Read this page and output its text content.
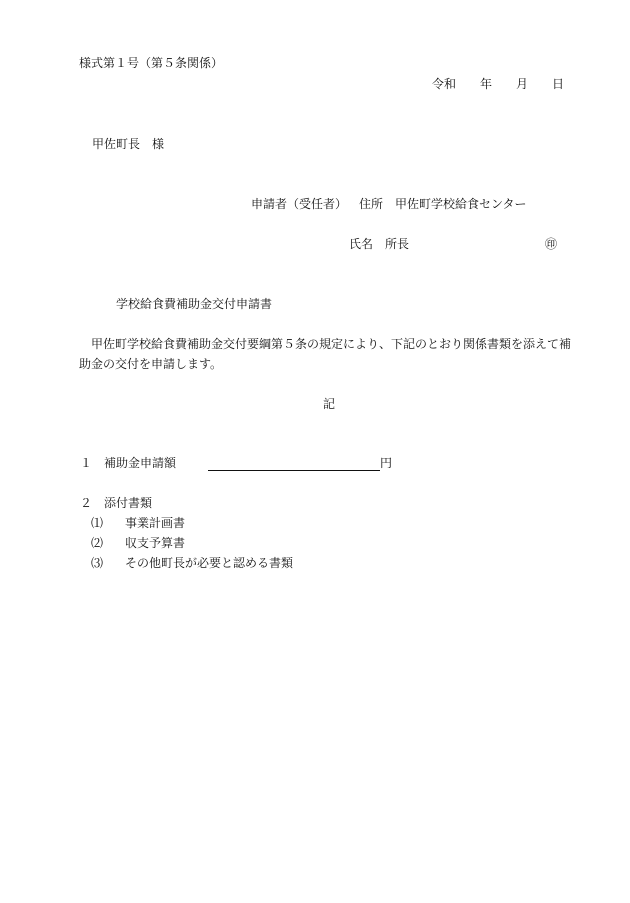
様式第１号（第５条関係）
令和 年 月 日
甲佐町長　様
申請者（受任者） 住所 甲佐町学校給食センター
氏名 所長	㊞
学校給食費補助金交付申請書
甲佐町学校給食費補助金交付要綱第５条の規定により、下記のとおり関係書類を添えて補助金の交付を申請します。
記
１ 補助金申請額	円
２ 添付書類
⑴ 事業計画書
⑵ 収支予算書
⑶ その他町長が必要と認める書類
